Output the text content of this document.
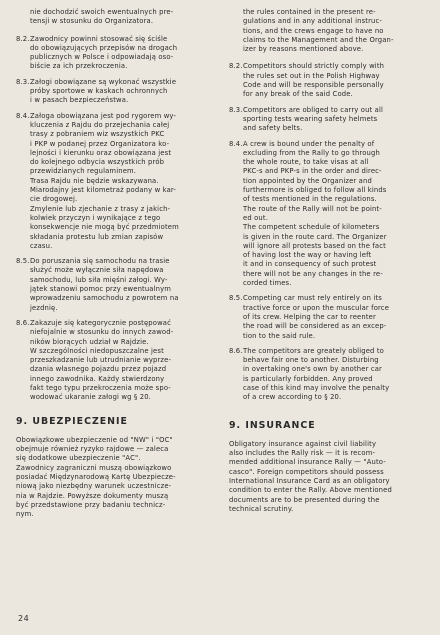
nie dochodzić swoich ewentualnych pre-
tensji w stosunku do Organizatora.

8.2. Zawodnicy powinni stosować się ściśle
do obowiązujących przepisów na drogach
publicznych w Polsce i odpowiadają oso-
biście za ich przekroczenia.
8.3. Załogi obowiązane są wykonać wszystkie
próby sportowe w kaskach ochronnych
i w pasach bezpieczeństwa.
8.4. Załoga obowiązana jest pod rygorem wy-
kluczenia z Rajdu do przejechania całej
trasy z pobraniem wiz wszystkich PKC
i PKP w podanej przez Organizatora ko-
lejności i kierunku oraz obowiązana jest
do kolejnego odbycia wszystkich prób
przewidzianych regulaminem.
Trasa Rajdu nie będzie wskazywana.
Miarodajny jest kilometraż podany w kar-
cie drogowej.
Zmylenie lub zjechanie z trasy z jakich-
kolwiek przyczyn i wynikające z tego
konsekwencje nie mogą być przedmiotem
składania protestu lub zmian zapisów
czasu.
8.5. Do poruszania się samochodu na trasie
służyć może wyłącznie siła napędowa
samochodu, lub siła mięśni załogi. Wy-
jątek stanowi pomoc przy ewentualnym
wprowadzeniu samochodu z powrotem na
jezdnię.
8.6. Zakazuje się kategorycznie postępować
niefojalnie w stosunku do innych zawod-
ników biorących udział w Rajdzie.
W szczególności niedopuszczalne jest
przeszkadzanie lub utrudnianie wyprze-
dzania własnego pojazdu przez pojazd
innego zawodnika. Każdy stwierdzony
fakt tego typu przekroczenia może spo-
wodować ukaranie załogi wg § 20.

9. UBEZPIECZENIE

Obowiązkowe ubezpieczenie od "NW" i "OC"
obejmuje również ryzyko rajdowe — zaleca
się dodatkowe ubezpieczenie "AC".
Zawodnicy zagraniczni muszą obowiązkowo
posiadać Międzynarodową Kartę Ubezpiecze-
niową jako niezbędny warunek uczestnicze-
nia w Rajdzie. Powyższe dokumenty muszą
być przedstawione przy badaniu technicz-
nym.

the rules contained in the present re-
gulations and in any additional instruc-
tions, and the crews engage to have no
claims to the Management and the Organ-
izer by reasons mentioned above.

8.2. Competitors should strictly comply with
the rules set out in the Polish Highway
Code and will be responsible personally
for any break of the said Code.
8.3. Competitors are obliged to carry out all
sporting tests wearing safety helmets
and safety belts.
8.4. A crew is bound under the penalty of
excluding from the Rally to go through
the whole route, to take visas at all
PKC-s and PKP-s in the order and direc-
tion appointed by the Organizer and
furthermore is obliged to follow all kinds
of tests mentioned in the regulations.
The route of the Rally will not be point-
ed out.
The competent schedule of kilometers
is given in the route card. The Organizer
will ignore all protests based on the fact
of having lost the way or having left
it and in consequency of such protest
there will not be any changes in the re-
corded times.
8.5. Competing car must rely entirely on its
tractive force or upon the muscular force
of its crew. Helping the car to reenter
the road will be considered as an excep-
tion to the said rule.
8.6. The competitors are greately obliged to
behave fair one to another. Disturbing
in overtaking one's own by another car
is particularly forbidden. Any proved
case of this kind may involve the penalty
of a crew according to § 20.

9. INSURANCE

Obligatory insurance against civil liability
also includes the Rally risk — it is recom-
mended additional insurance Rally — "Auto-
casco". Foreign competitors should possess
International Insurance Card as an obligatory
condition to enter the Rally. Above mentioned
documents are to be presented during the
technical scrutiny.

24
